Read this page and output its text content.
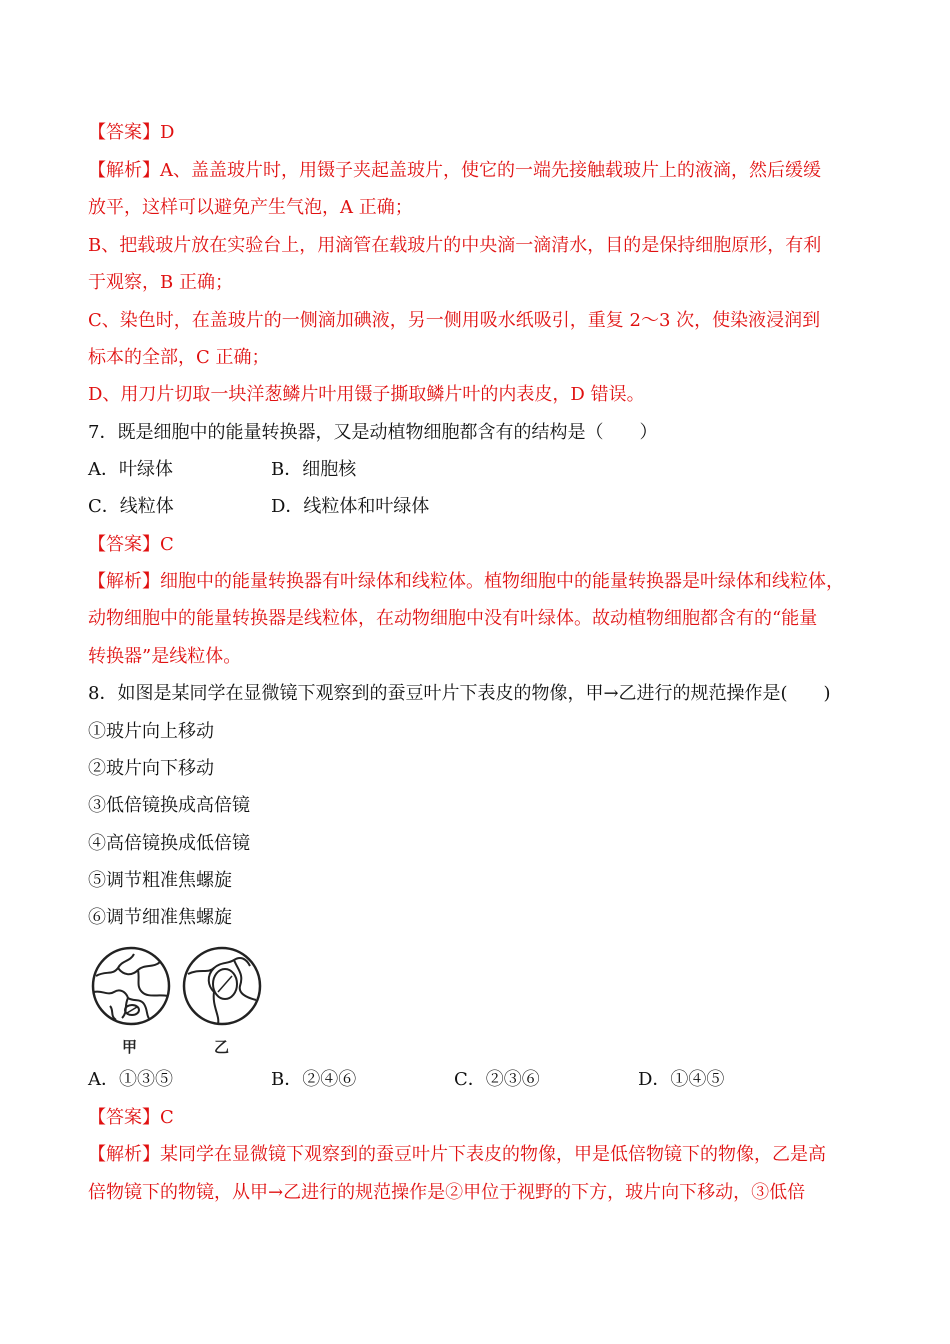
【答案】D
【解析】A、盖盖玻片时，用镊子夹起盖玻片，使它的一端先接触载玻片上的液滴，然后缓缓
放平，这样可以避免产生气泡，A 正确；
B、把载玻片放在实验台上，用滴管在载玻片的中央滴一滴清水，目的是保持细胞原形，有利
于观察，B 正确；
C、染色时，在盖玻片的一侧滴加碘液，另一侧用吸水纸吸引，重复 2～3 次，使染液浸润到
标本的全部，C 正确；
D、用刀片切取一块洋葱鳞片叶用镊子撕取鳞片叶的内表皮，D 错误。
7．既是细胞中的能量转换器，又是动植物细胞都含有的结构是（　　）
A．叶绿体	B．细胞核
C．线粒体	D．线粒体和叶绿体
【答案】C
【解析】细胞中的能量转换器有叶绿体和线粒体。植物细胞中的能量转换器是叶绿体和线粒体，
动物细胞中的能量转换器是线粒体，在动物细胞中没有叶绿体。故动植物细胞都含有的“能量
转换器”是线粒体。
8．如图是某同学在显微镜下观察到的蚕豆叶片下表皮的物像，甲→乙进行的规范操作是(　　)
①玻片向上移动
②玻片向下移动
③低倍镜换成高倍镜
④高倍镜换成低倍镜
⑤调节粗准焦螺旋
⑥调节细准焦螺旋
甲	乙
A．①③⑤	B．②④⑥	C．②③⑥	D．①④⑤
【答案】C
【解析】某同学在显微镜下观察到的蚕豆叶片下表皮的物像，甲是低倍物镜下的物像，乙是高
倍物镜下的物镜，从甲→乙进行的规范操作是②甲位于视野的下方，玻片向下移动，③低倍
